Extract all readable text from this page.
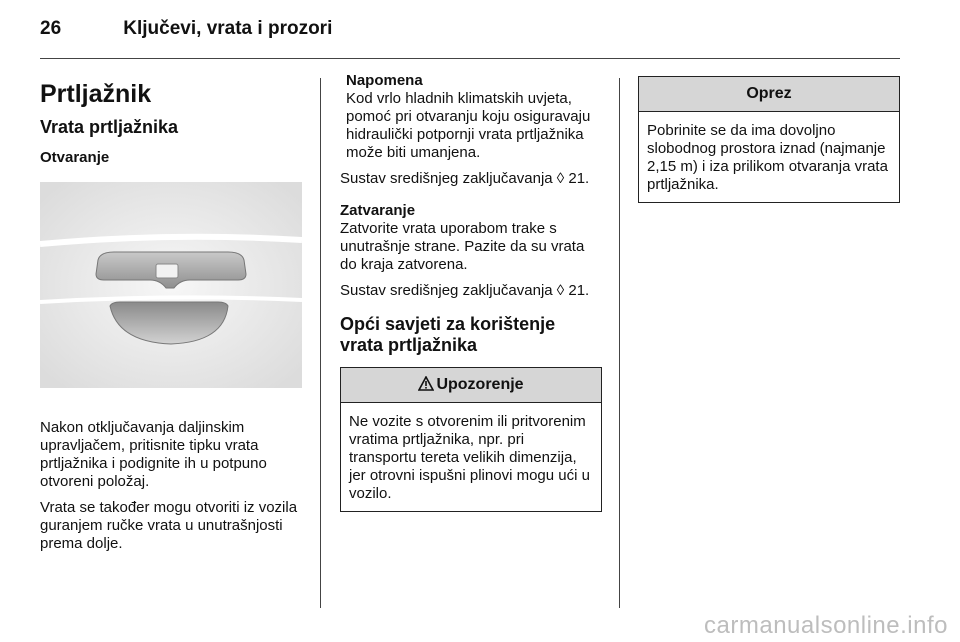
26	Ključevi, vrata i prozori
Prtljažnik
Vrata prtljažnika
Otvaranje

Nakon otključavanja daljinskim upravljačem, pritisnite tipku vrata prtljažnika i podignite ih u potpuno otvoreni položaj.

Vrata se također mogu otvoriti iz vozila guranjem ručke vrata u unutrašnjosti prema dolje.

Napomena

Kod vrlo hladnih klimatskih uvjeta, pomoć pri otvaranju koju osiguravaju hidraulički potpornji vrata prtljažnika može biti umanjena.

Sustav središnjeg zaključavanja ◊ 21.

Zatvaranje

Zatvorite vrata uporabom trake s unutrašnje strane. Pazite da su vrata do kraja zatvorena.

Sustav središnjeg zaključavanja ◊ 21.

Opći savjeti za korištenje vrata prtljažnika
Upozorenje

Ne vozite s otvorenim ili pritvorenim vratima prtljažnika, npr. pri transportu tereta velikih dimenzija, jer otrovni ispušni plinovi mogu ući u vozilo.

Oprez

Pobrinite se da ima dovoljno slobodnog prostora iznad (najmanje 2,15 m) i iza prilikom otvaranja vrata prtljažnika.

carmanualsonline.info
